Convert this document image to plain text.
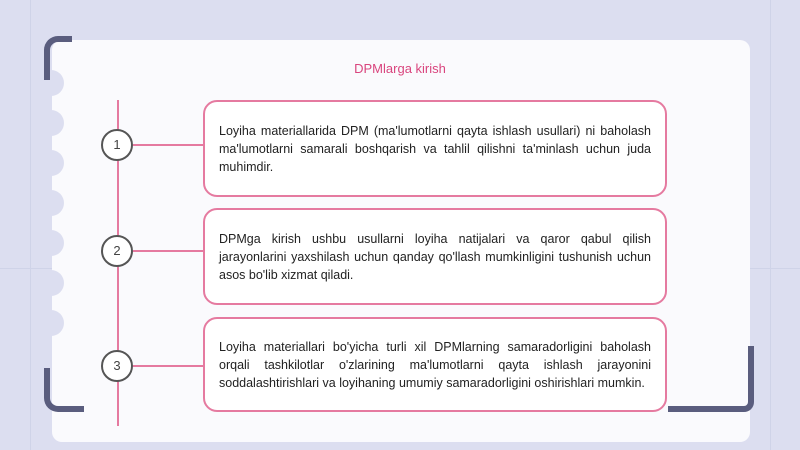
DPMlarga kirish
1

Loyiha materiallarida DPM (ma'lumotlarni qayta ishlash usullari) ni baholash ma'lumotlarni samarali boshqarish va tahlil qilishni ta'minlash uchun juda muhimdir.

2

DPMga kirish ushbu usullarni loyiha natijalari va qaror qabul qilish jarayonlarini yaxshilash uchun qanday qo'llash mumkinligini tushunish uchun asos bo'lib xizmat qiladi.

3

Loyiha materiallari bo'yicha turli xil DPMlarning samaradorligini baholash orqali tashkilotlar o'zlarining ma'lumotlarni qayta ishlash jarayonini soddalashtirishlari va loyihaning umumiy samaradorligini oshirishlari mumkin.
